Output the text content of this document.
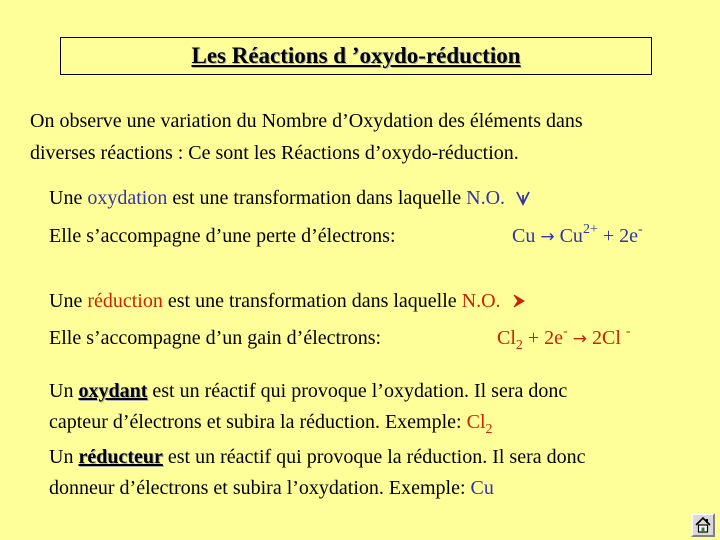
Les Réactions d ’oxydo-réduction
On observe une variation du Nombre d’Oxydation des éléments dans
diverses réactions : Ce sont les Réactions d’oxydo-réduction.
Une oxydation est une transformation dans laquelle N.O.
Elle s’accompagne d’une perte d’électrons:	$Cu \to Cu^{2+} + 2e^-$
Une réduction est une transformation dans laquelle N.O.
Elle s’accompagne d’un gain d’électrons:	$Cl_2 + 2e^- \to 2Cl$ -
Un oxydant est un réactif qui provoque l’oxydation. Il sera donc
capteur d’électrons et subira la réduction. Exemple: $Cl_2$
Un réducteur est un réactif qui provoque la réduction. Il sera donc
donneur d’électrons et subira l’oxydation. Exemple: Cu
